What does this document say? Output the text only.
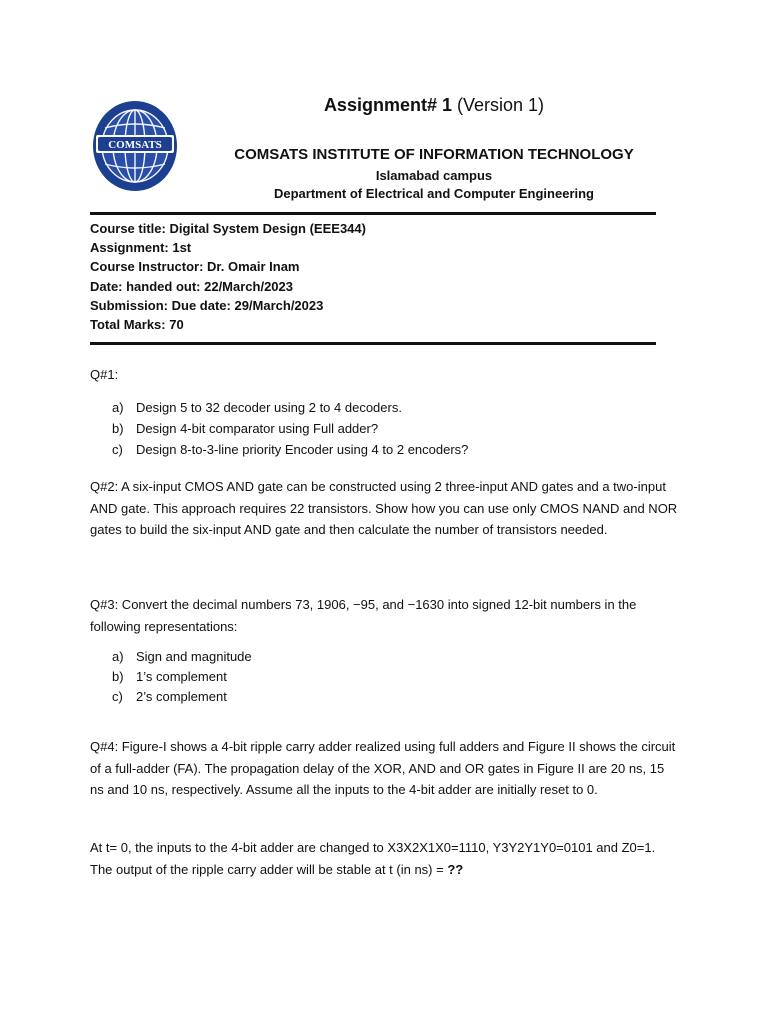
COMSATS
Assignment# 1 (Version 1)
COMSATS INSTITUTE OF INFORMATION TECHNOLOGY
Islamabad campus
Department of Electrical and Computer Engineering
Course title: Digital System Design (EEE344)
Assignment: 1st
Course Instructor: Dr. Omair Inam
Date: handed out: 22/March/2023
Submission: Due date: 29/March/2023
Total Marks: 70
Q#1:
a) Design 5 to 32 decoder using 2 to 4 decoders.
b) Design 4-bit comparator using Full adder?
c) Design 8-to-3-line priority Encoder using 4 to 2 encoders?
Q#2: A six-input CMOS AND gate can be constructed using 2 three-input AND gates and a two-input AND gate. This approach requires 22 transistors. Show how you can use only CMOS NAND and NOR gates to build the six-input AND gate and then calculate the number of transistors needed.
Q#3: Convert the decimal numbers 73, 1906, −95, and −1630 into signed 12-bit numbers in the following representations:
a) Sign and magnitude
b) 1’s complement
c) 2’s complement
Q#4: Figure-I shows a 4-bit ripple carry adder realized using full adders and Figure II shows the circuit of a full-adder (FA). The propagation delay of the XOR, AND and OR gates in Figure II are 20 ns, 15 ns and 10 ns, respectively. Assume all the inputs to the 4-bit adder are initially reset to 0.
At t= 0, the inputs to the 4-bit adder are changed to X3X2X1X0=1110, Y3Y2Y1Y0=0101 and Z0=1. The output of the ripple carry adder will be stable at t (in ns) = ??
